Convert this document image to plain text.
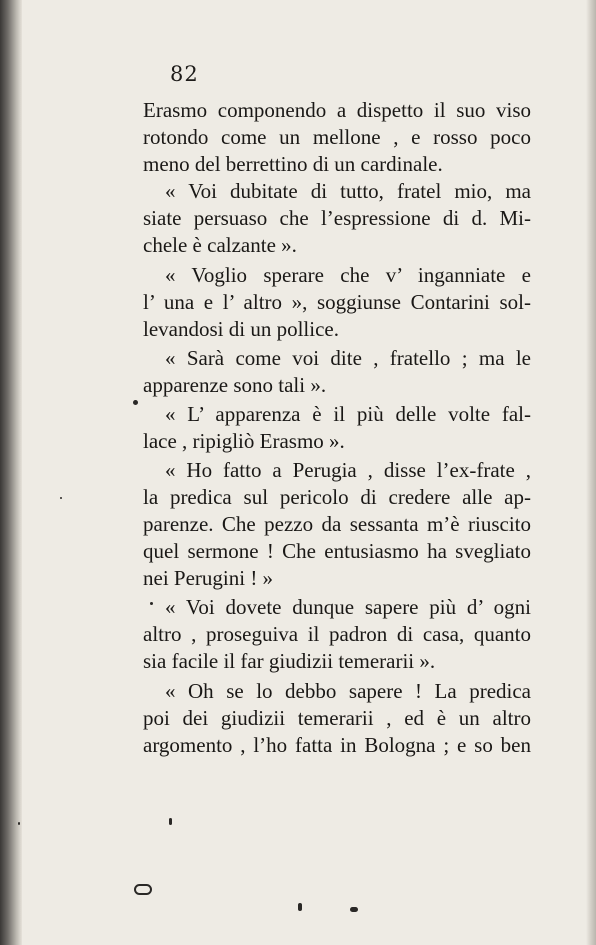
82
Erasmo componendo a dispetto il suo viso
rotondo come un mellone , e rosso poco
meno del berrettino di un cardinale.
« Voi dubitate di tutto, fratel mio, ma
siate persuaso che l’espressione di d. Mi-
chele è calzante ».
« Voglio sperare che v’ inganniate e
l’ una e l’ altro », soggiunse Contarini sol-
levandosi di un pollice.
« Sarà come voi dite , fratello ; ma le
apparenze sono tali ».
« L’ apparenza è il più delle volte fal-
lace , ripigliò Erasmo ».
« Ho fatto a Perugia , disse l’ex-frate ,
la predica sul pericolo di credere alle ap-
parenze. Che pezzo da sessanta m’è riuscito
quel sermone ! Che entusiasmo ha svegliato
nei Perugini ! »
« Voi dovete dunque sapere più d’ ogni
altro , proseguiva il padron di casa, quanto
sia facile il far giudizii temerarii ».
« Oh se lo debbo sapere ! La predica
poi dei giudizii temerarii , ed è un altro
argomento , l’ho fatta in Bologna ; e so ben
